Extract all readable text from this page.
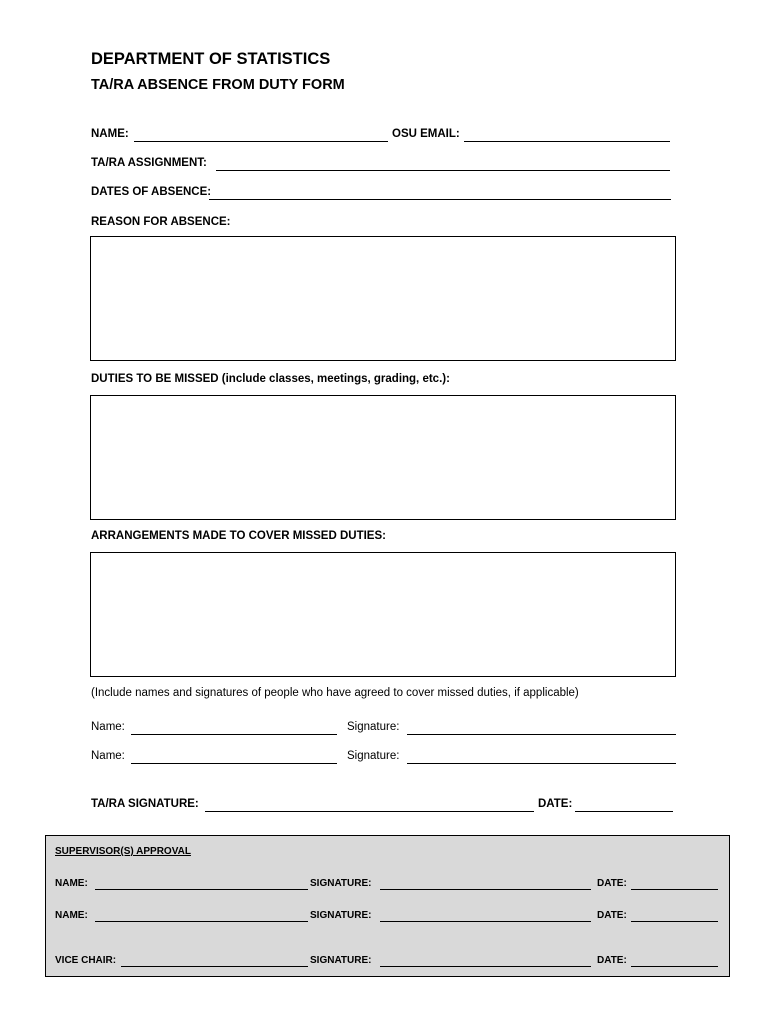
DEPARTMENT OF STATISTICS
TA/RA ABSENCE FROM DUTY FORM
NAME:	OSU EMAIL:
TA/RA ASSIGNMENT:
DATES OF ABSENCE:
REASON FOR ABSENCE:
DUTIES TO BE MISSED (include classes, meetings, grading, etc.):
ARRANGEMENTS MADE TO COVER MISSED DUTIES:
(Include names and signatures of people who have agreed to cover missed duties, if applicable)
Name:	Signature:
Name:	Signature:
TA/RA SIGNATURE:	DATE:
SUPERVISOR(S) APPROVAL
NAME:	SIGNATURE:	DATE:
NAME:	SIGNATURE:	DATE:
VICE CHAIR:	SIGNATURE:	DATE:
